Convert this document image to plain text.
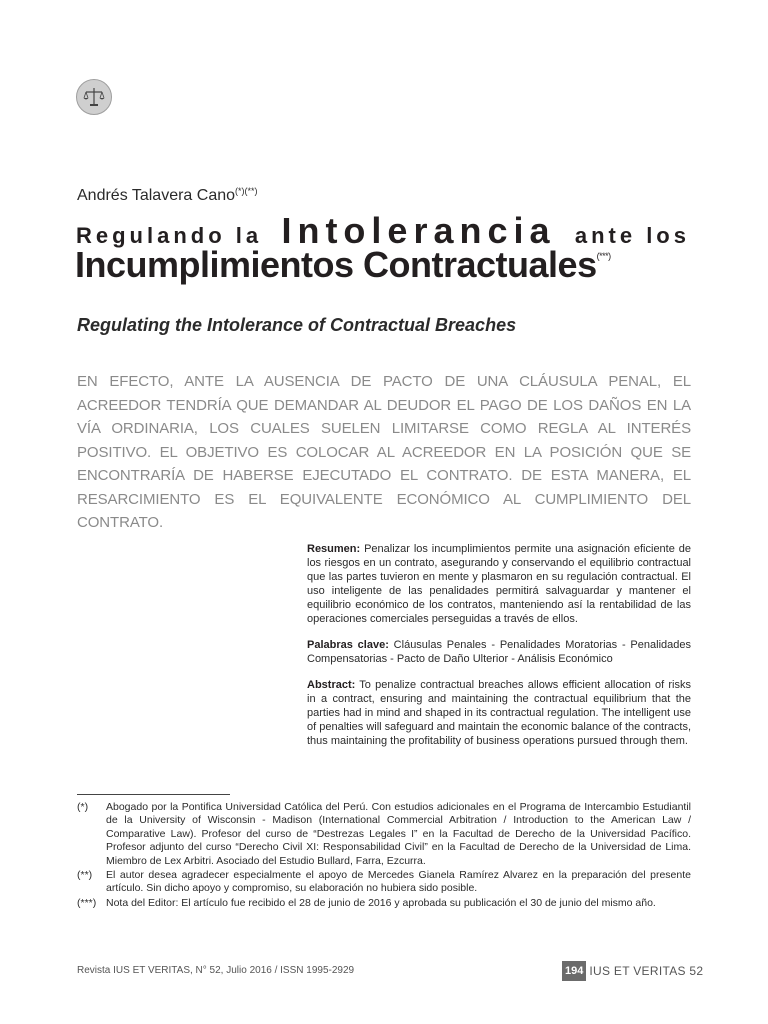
Andrés Talavera Cano(*)(**)
Regulando la Intolerancia ante los
Incumplimientos Contractuales(***)
Regulating the Intolerance of Contractual Breaches
EN EFECTO, ANTE LA AUSENCIA DE PACTO DE UNA CLÁUSULA PENAL, EL ACREEDOR TENDRÍA QUE DEMANDAR AL DEUDOR EL PAGO DE LOS DAÑOS EN LA VÍA ORDINARIA, LOS CUALES SUELEN LIMITARSE COMO REGLA AL INTERÉS POSITIVO. EL OBJETIVO ES COLOCAR AL ACREEDOR EN LA POSICIÓN QUE SE ENCONTRARÍA DE HABERSE EJECUTADO EL CONTRATO. DE ESTA MANERA, EL RESARCIMIENTO ES EL EQUIVALENTE ECONÓMICO AL CUMPLIMIENTO DEL CONTRATO.

Resumen: Penalizar los incumplimientos permite una asignación eficiente de los riesgos en un contrato, asegurando y conservando el equilibrio contractual que las partes tuvieron en mente y plasmaron en su regulación contractual. El uso inteligente de las penalidades permitirá salvaguardar y mantener el equilibrio económico de los contratos, manteniendo así la rentabilidad de las operaciones comerciales perseguidas a través de ellos.

Palabras clave: Cláusulas Penales - Penalidades Moratorias - Penalidades Compensatorias - Pacto de Daño Ulterior - Análisis Económico

Abstract: To penalize contractual breaches allows efficient allocation of risks in a contract, ensuring and maintaining the contractual equilibrium that the parties had in mind and shaped in its contractual regulation. The intelligent use of penalties will safeguard and maintain the economic balance of the contracts, thus maintaining the profitability of business operations pursued through them.

(*)	Abogado por la Pontifica Universidad Católica del Perú. Con estudios adicionales en el Programa de Intercambio Estudiantil de la University of Wisconsin - Madison (International Commercial Arbitration / Introduction to the American Law / Comparative Law). Profesor del curso de “Destrezas Legales I” en la Facultad de Derecho de la Universidad Pacífico. Profesor adjunto del curso “Derecho Civil XI: Responsabilidad Civil” en la Facultad de Derecho de la Universidad de Lima. Miembro de Lex Arbitri. Asociado del Estudio Bullard, Farra, Ezcurra.
(**)	El autor desea agradecer especialmente el apoyo de Mercedes Gianela Ramírez Alvarez en la preparación del presente artículo. Sin dicho apoyo y compromiso, su elaboración no hubiera sido posible.
(***) Nota del Editor: El artículo fue recibido el 28 de junio de 2016 y aprobada su publicación el 30 de junio del mismo año.
Revista IUS ET VERITAS, N° 52, Julio 2016 / ISSN 1995-2929	194 IUS ET VERITAS 52
